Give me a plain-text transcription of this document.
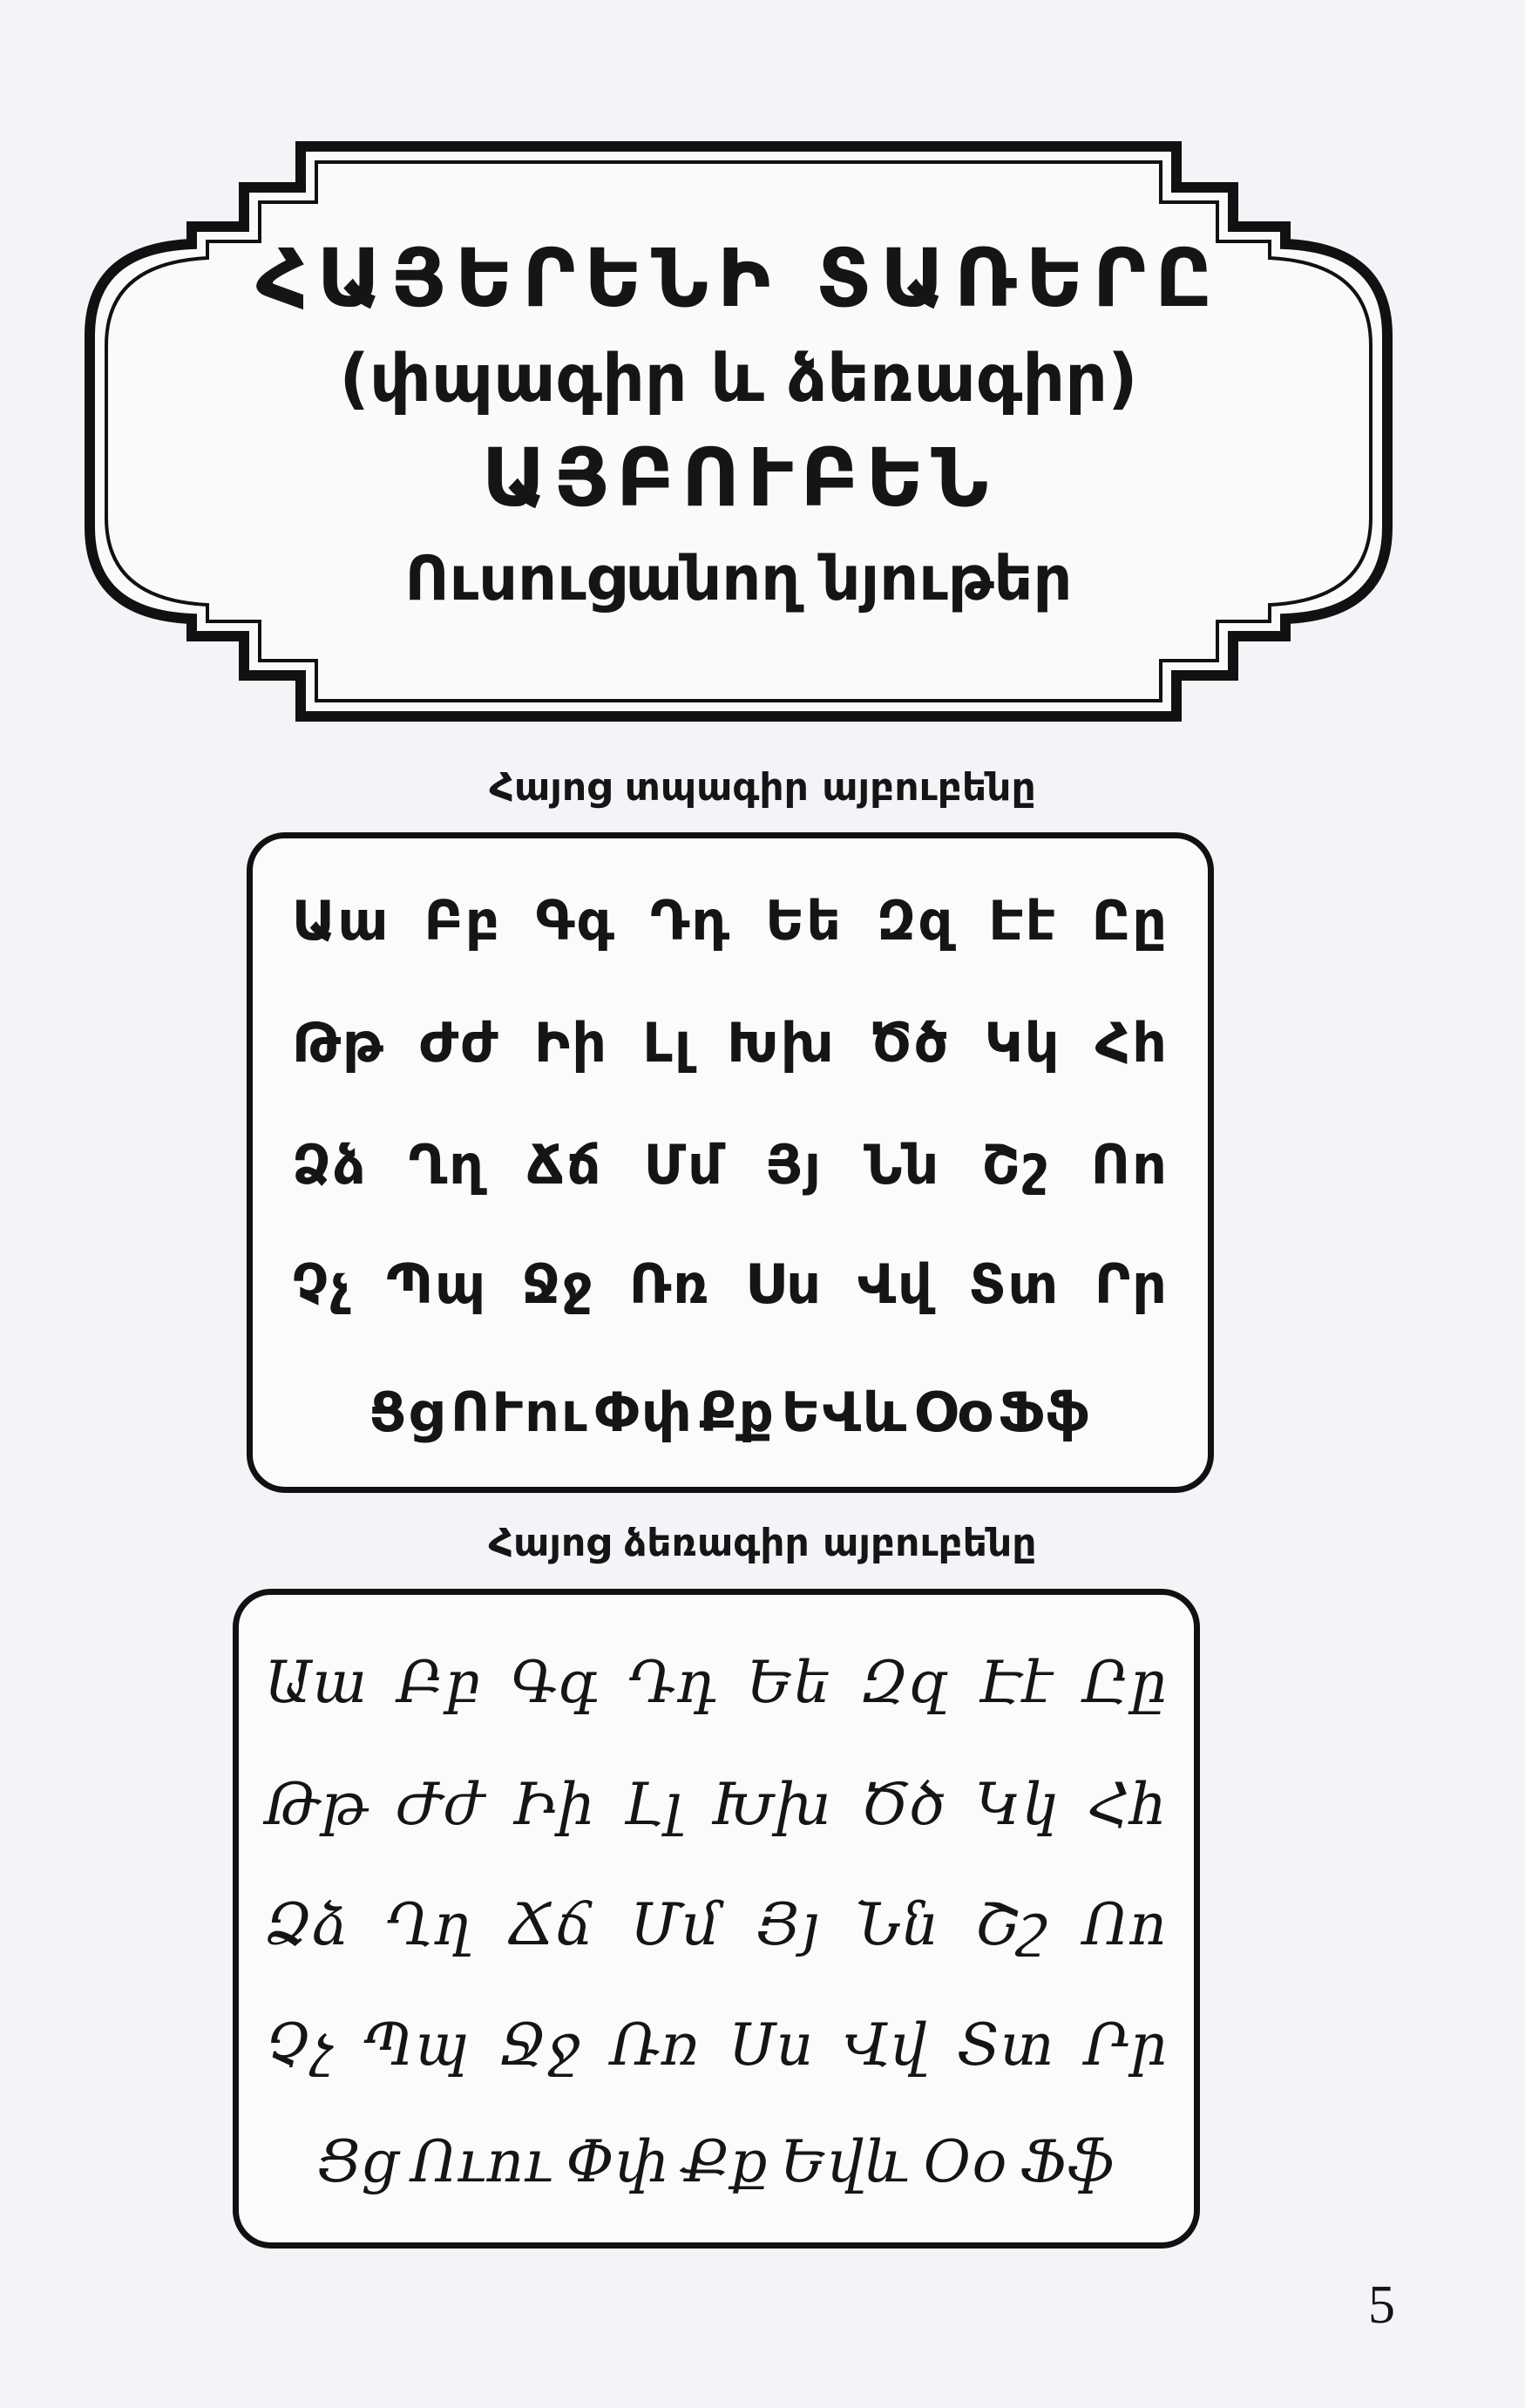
ՀԱՅԵՐԵՆԻ ՏԱՌԵՐԸ
(փպագիր և ձեռագիր)
ԱՅԲՈՒԲԵՆ
Ուսուցանող նյութեր
Հայոց տպագիր այբուբենը
Աա Բբ Գգ Դդ Եե Զզ Էէ Ըը
Թթ Ժժ Իի Լլ Խխ Ծծ Կկ Հհ
Ձձ Ղղ Ճճ Մմ Յյ Նն Շշ Ոո
Չչ Պպ Ջջ Ռռ Սս Վվ Տտ Րր
Ցց ՈՒու Փփ Քք ԵՎև Օօ Ֆֆ
Հայոց ձեռագիր այբուբենը
Աա Բբ Գգ Դդ Եե Զզ Էէ Ըը
Թթ Ժժ Իի Լլ Խխ Ծծ Կկ Հհ
Ձձ Ղղ Ճճ Մմ Յյ Նն Շշ Ոո
Չչ Պպ Ջջ Ռռ Սս Վվ Տտ Րր
Ցց Ուու Փփ Քք Եվև Օօ Ֆֆ
5
